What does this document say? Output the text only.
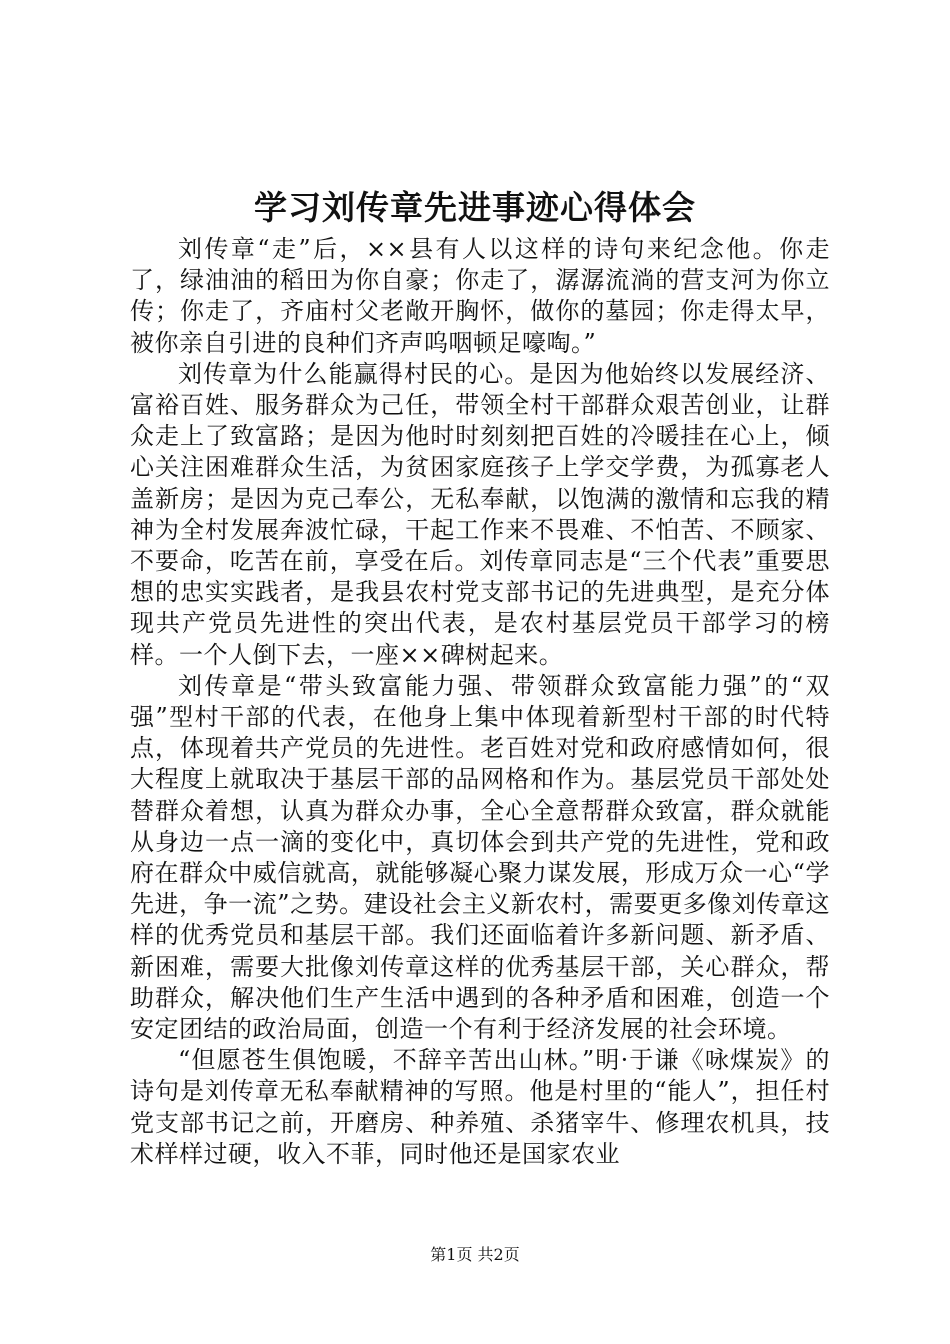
学习刘传章先进事迹心得体会

刘传章“走”后，××县有人以这样的诗句来纪念他。你走了，绿油油的稻田为你自豪；你走了，潺潺流淌的营支河为你立传；你走了，齐庙村父老敞开胸怀，做你的墓园；你走得太早，被你亲自引进的良种们齐声呜咽顿足嚎啕。”

刘传章为什么能赢得村民的心。是因为他始终以发展经济、富裕百姓、服务群众为己任，带领全村干部群众艰苦创业，让群众走上了致富路；是因为他时时刻刻把百姓的冷暖挂在心上，倾心关注困难群众生活，为贫困家庭孩子上学交学费，为孤寡老人盖新房；是因为克己奉公，无私奉献，以饱满的激情和忘我的精神为全村发展奔波忙碌，干起工作来不畏难、不怕苦、不顾家、不要命，吃苦在前，享受在后。刘传章同志是“三个代表”重要思想的忠实实践者，是我县农村党支部书记的先进典型，是充分体现共产党员先进性的突出代表，是农村基层党员干部学习的榜样。一个人倒下去，一座××碑树起来。

刘传章是“带头致富能力强、带领群众致富能力强”的“双强”型村干部的代表，在他身上集中体现着新型村干部的时代特点，体现着共产党员的先进性。老百姓对党和政府感情如何，很大程度上就取决于基层干部的品网格和作为。基层党员干部处处替群众着想，认真为群众办事，全心全意帮群众致富，群众就能从身边一点一滴的变化中，真切体会到共产党的先进性，党和政府在群众中威信就高，就能够凝心聚力谋发展，形成万众一心“学先进，争一流”之势。建设社会主义新农村，需要更多像刘传章这样的优秀党员和基层干部。我们还面临着许多新问题、新矛盾、新困难，需要大批像刘传章这样的优秀基层干部，关心群众，帮助群众，解决他们生产生活中遇到的各种矛盾和困难，创造一个安定团结的政治局面，创造一个有利于经济发展的社会环境。

“但愿苍生俱饱暖，不辞辛苦出山林。”明·于谦《咏煤炭》的诗句是刘传章无私奉献精神的写照。他是村里的“能人”，担任村党支部书记之前，开磨房、种养殖、杀猪宰牛、修理农机具，技术样样过硬，收入不菲，同时他还是国家农业

第1页 共2页
